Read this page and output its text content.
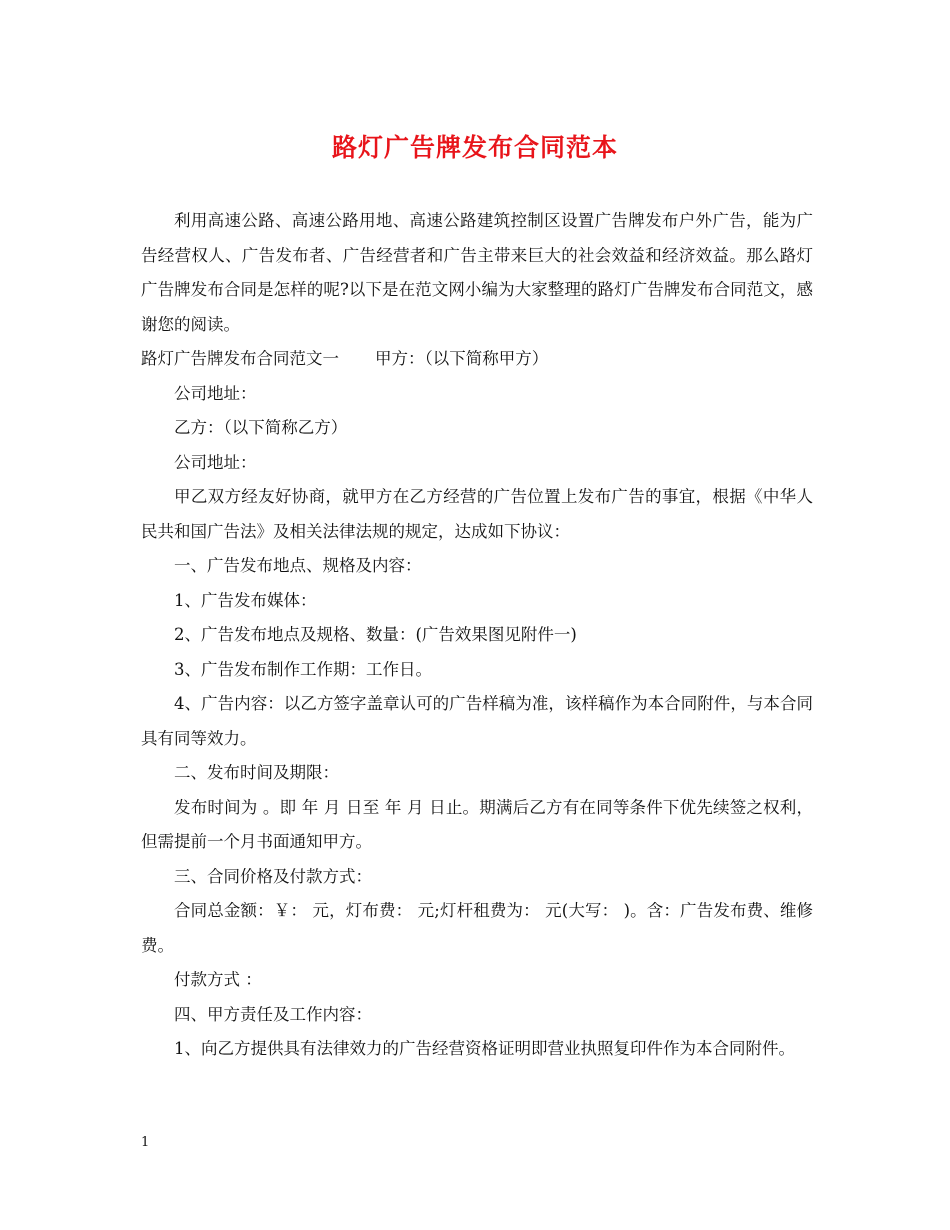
路灯广告牌发布合同范本

利用高速公路、高速公路用地、高速公路建筑控制区设置广告牌发布户外广告，能为广告经营权人、广告发布者、广告经营者和广告主带来巨大的社会效益和经济效益。那么路灯广告牌发布合同是怎样的呢?以下是在范文网小编为大家整理的路灯广告牌发布合同范文，感谢您的阅读。

路灯广告牌发布合同范文一 甲方：（以下简称甲方）

公司地址：

乙方：（以下简称乙方）

公司地址：

甲乙双方经友好协商，就甲方在乙方经营的广告位置上发布广告的事宜，根据《中华人民共和国广告法》及相关法律法规的规定，达成如下协议：

一、广告发布地点、规格及内容：

1、广告发布媒体：

2、广告发布地点及规格、数量：(广告效果图见附件一)

3、广告发布制作工作期：工作日。

4、广告内容：以乙方签字盖章认可的广告样稿为准，该样稿作为本合同附件，与本合同具有同等效力。

二、发布时间及期限：

发布时间为 。即 年 月 日至 年 月 日止。期满后乙方有在同等条件下优先续签之权利，但需提前一个月书面通知甲方。

三、合同价格及付款方式：

合同总金额：￥： 元，灯布费： 元;灯杆租费为： 元(大写： )。含：广告发布费、维修费。

付款方式 ：

四、甲方责任及工作内容：

1、向乙方提供具有法律效力的广告经营资格证明即营业执照复印件作为本合同附件。

1
